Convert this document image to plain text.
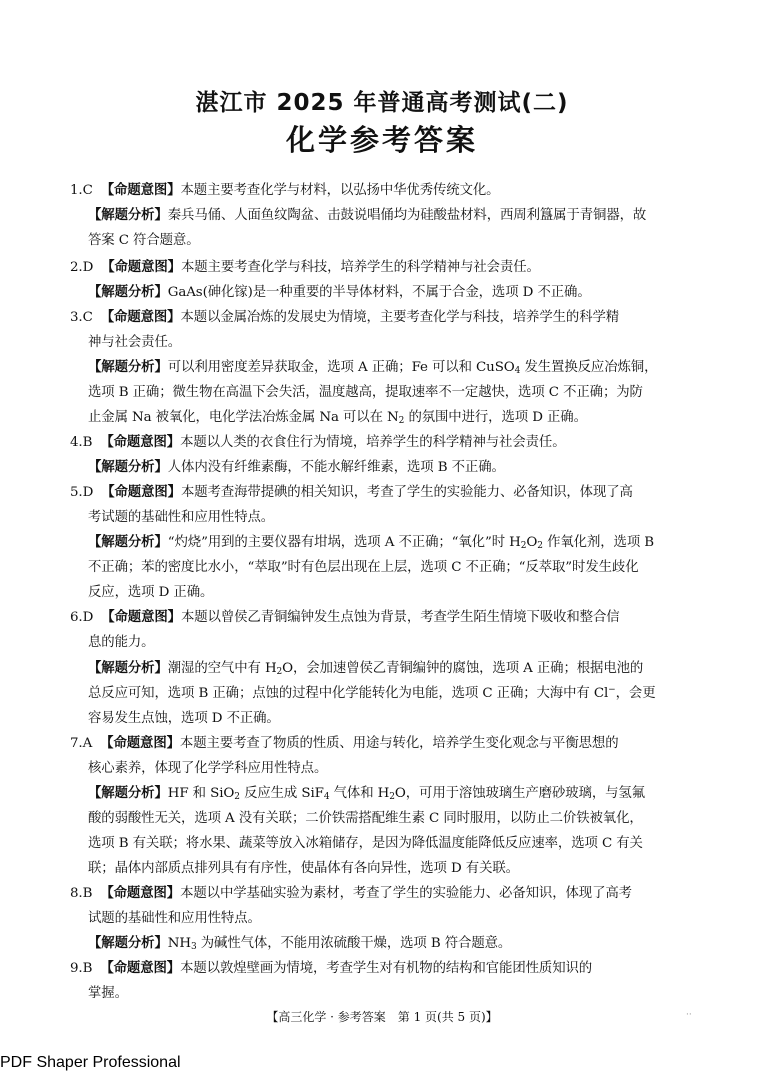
湛江市 2025 年普通高考测试(二)
化学参考答案
1.C 【命题意图】本题主要考查化学与材料，以弘扬中华优秀传统文化。
【解题分析】秦兵马俑、人面鱼纹陶盆、击鼓说唱俑均为硅酸盐材料，西周利簋属于青铜器，故
答案 C 符合题意。
2.D 【命题意图】本题主要考查化学与科技，培养学生的科学精神与社会责任。
【解题分析】GaAs(砷化镓)是一种重要的半导体材料，不属于合金，选项 D 不正确。
3.C 【命题意图】本题以金属冶炼的发展史为情境，主要考查化学与科技，培养学生的科学精
神与社会责任。
【解题分析】可以利用密度差异获取金，选项 A 正确；Fe 可以和 CuSO$_4$ 发生置换反应冶炼铜，
选项 B 正确；微生物在高温下会失活，温度越高，提取速率不一定越快，选项 C 不正确；为防
止金属 Na 被氧化，电化学法冶炼金属 Na 可以在 $N_2$ 的氛围中进行，选项 D 正确。
4.B 【命题意图】本题以人类的衣食住行为情境，培养学生的科学精神与社会责任。
【解题分析】人体内没有纤维素酶，不能水解纤维素，选项 B 不正确。
5.D 【命题意图】本题考查海带提碘的相关知识，考查了学生的实验能力、必备知识，体现了高
考试题的基础性和应用性特点。
【解题分析】“灼烧”用到的主要仪器有坩埚，选项 A 不正确；“氧化”时 $H_2O_2$ 作氧化剂，选项 B
不正确；苯的密度比水小，“萃取”时有色层出现在上层，选项 C 不正确；“反萃取”时发生歧化
反应，选项 D 正确。
6.D 【命题意图】本题以曾侯乙青铜编钟发生点蚀为背景，考查学生陌生情境下吸收和整合信
息的能力。
【解题分析】潮湿的空气中有 $H_2O$，会加速曾侯乙青铜编钟的腐蚀，选项 A 正确；根据电池的
总反应可知，选项 B 正确；点蚀的过程中化学能转化为电能，选项 C 正确；大海中有 Cl−，会更
容易发生点蚀，选项 D 不正确。
7.A 【命题意图】本题主要考查了物质的性质、用途与转化，培养学生变化观念与平衡思想的
核心素养，体现了化学学科应用性特点。
【解题分析】HF 和 SiO$_2$ 反应生成 SiF$_4$ 气体和 $H_2O$，可用于溶蚀玻璃生产磨砂玻璃，与氢氟
酸的弱酸性无关，选项 A 没有关联；二价铁需搭配维生素 C 同时服用，以防止二价铁被氧化，
选项 B 有关联；将水果、蔬菜等放入冰箱储存，是因为降低温度能降低反应速率，选项 C 有关
联；晶体内部质点排列具有有序性，使晶体有各向异性，选项 D 有关联。
8.B 【命题意图】本题以中学基础实验为素材，考查了学生的实验能力、必备知识，体现了高考
试题的基础性和应用性特点。
【解题分析】$NH_3$ 为碱性气体，不能用浓硫酸干燥，选项 B 符合题意。
9.B 【命题意图】本题以敦煌壁画为情境，考查学生对有机物的结构和官能团性质知识的
掌握。
【高三化学 · 参考答案　第 1 页(共 5 页)】	··
PDF Shaper Professional
